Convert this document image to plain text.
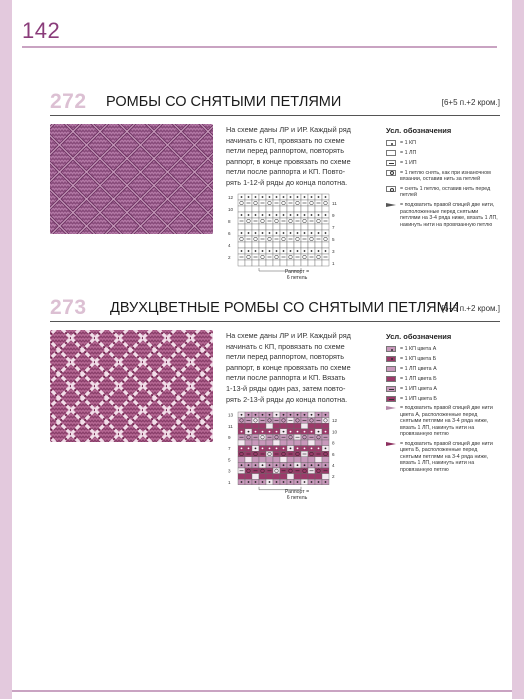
142
272 РОМБЫ СО СНЯТЫМИ ПЕТЛЯМИ	[6+5 п.+2 кром.]

На схеме даны ЛР и ИР. Каждый ряд

начинать с КП, провязать по схеме

петли перед раппортом, повторять

раппорт, в конце провязать по схеме

петли после раппорта и КП. Повто-

рять 1-12-й ряды до конца полотна.

12
10
8
6
4
2
11
9
7
5
3
1
Раппорт =
6 петель
Усл. обозначения
= 1 КП
= 1 ЛП
= 1 ИП
= 1 петлю снять, как при изнаночном вязании, оставив нить за петлей
= снять 1 петлю, оставив нить перед петлей
= подхватить правой спицей две нити, расположенные перед снятыми петлями на 3-4 ряда ниже, вязать 1 ЛП, накинуть нити на провязанную петлю
273 ДВУХЦВЕТНЫЕ РОМБЫ СО СНЯТЫМИ ПЕТЛЯМИ
[6+5 п.+2 кром.]

На схеме даны ЛР и ИР. Каждый ряд

начинать с КП, провязать по схеме

петли перед раппортом, повторять

раппорт, в конце провязать по схеме

петли после раппорта и КП. Вязать

1-13-й ряды один раз, затем повто-

рять 2-13-й ряды до конца полотна.

13
11
9
7
5
3
1
12
10
8
6
4
2
Раппорт =
6 петель
Усл. обозначения
= 1 КП цвета А
= 1 КП цвета Б
= 1 ЛП цвета А
= 1 ЛП цвета Б
= 1 ИП цвета А
= 1 ИП цвета Б
= подхватить правой спицей две нити цвета А, расположенные перед снятыми петлями на 3-4 ряда ниже, вязать 1 ЛП, накинуть нити на провязанную петлю
= подхватить правой спицей две нити цвета Б, расположенные перед снятыми петлями на 3-4 ряда ниже, вязать 1 ЛП, накинуть нити на провязанную петлю
